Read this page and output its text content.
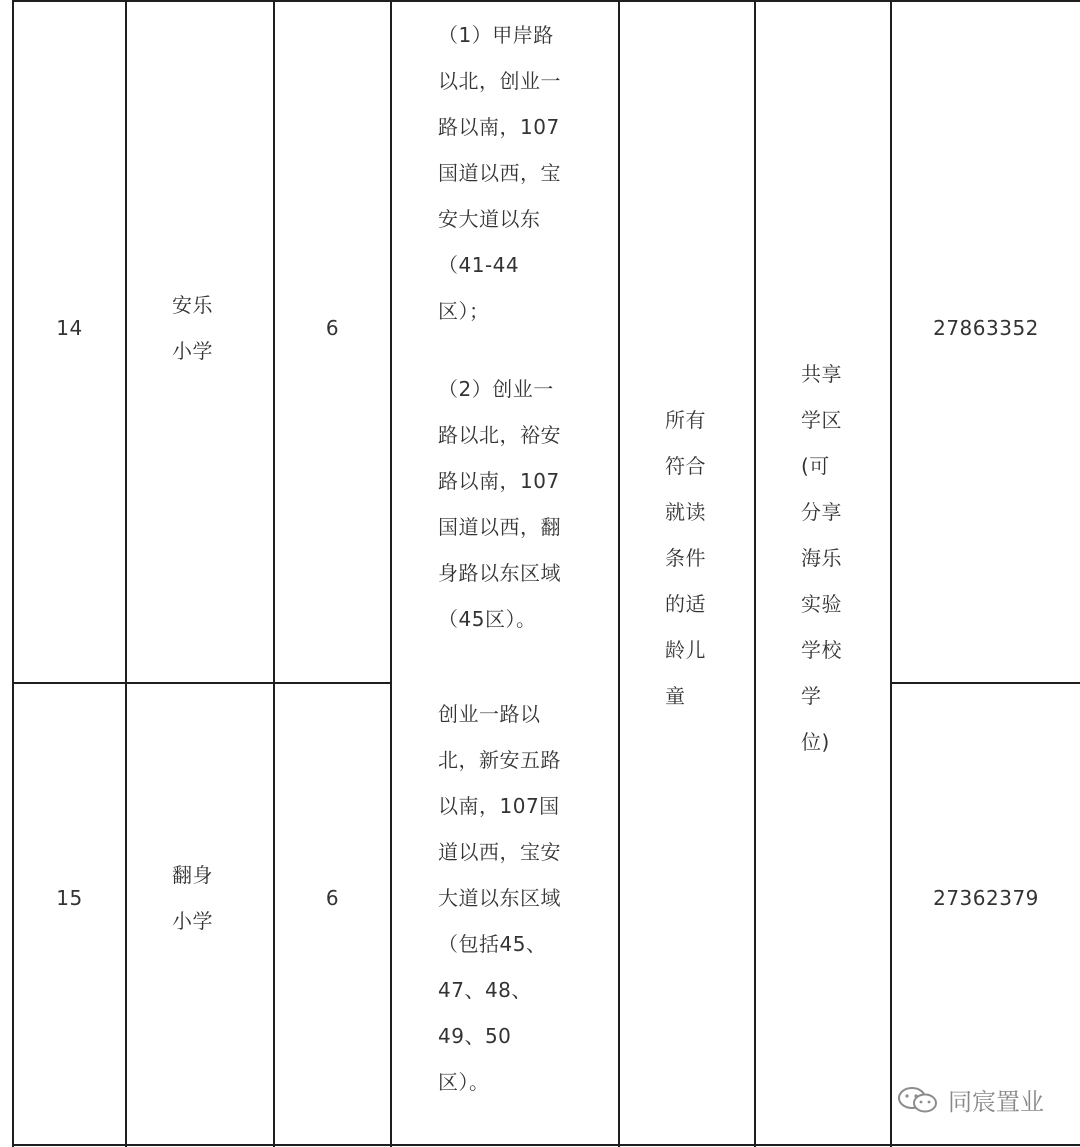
14
安乐
小学
6
（1）甲岸路
以北，创业一
路以南，107
国道以西，宝
安大道以东
（41-44
区）；
（2）创业一
路以北，裕安
路以南，107
国道以西，翻
身路以东区域
（45区）。
27863352
15
翻身
小学
6
创业一路以
北，新安五路
以南，107国
道以西，宝安
大道以东区域
（包括45、
47、48、
49、50
区）。
27362379
所有
符合
就读
条件
的适
龄儿
童
共享
学区
(可
分享
海乐
实验
学校
学
位)
同宸置业
